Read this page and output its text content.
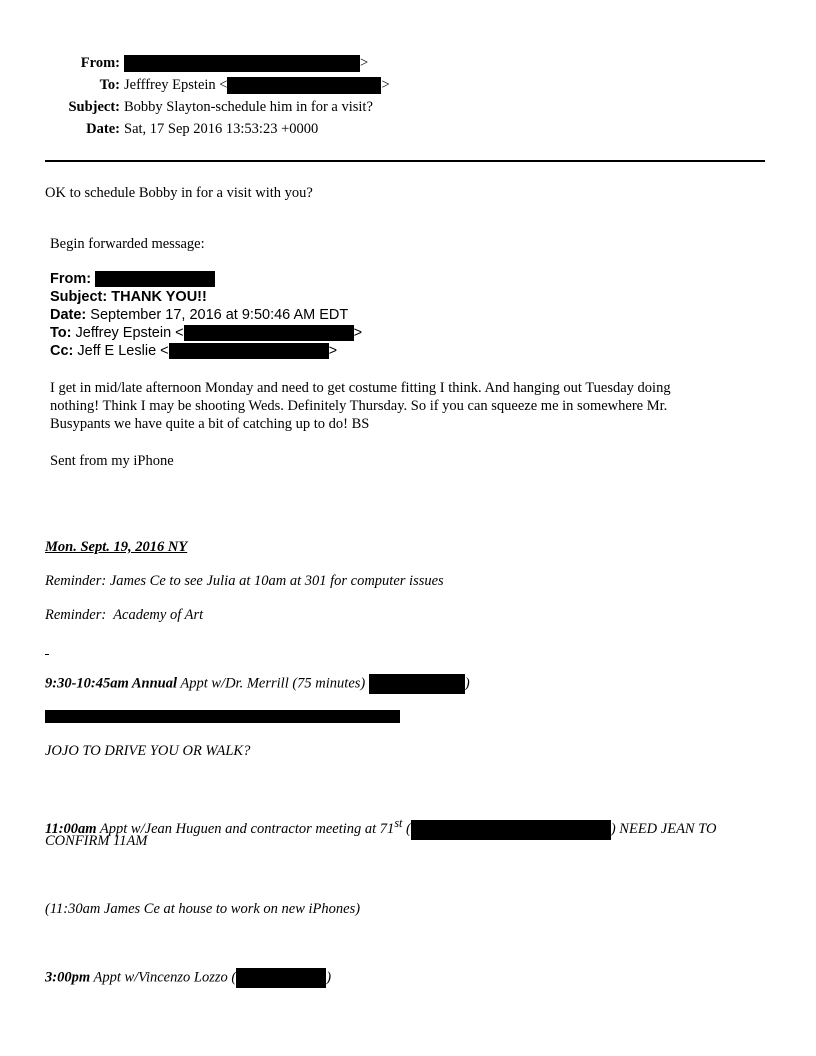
From:	>
To: Jefffrey Epstein <	>
Subject: Bobby Slayton-schedule him in for a visit?
Date: Sat, 17 Sep 2016 13:53:23 +0000
OK to schedule Bobby in for a visit with you?
Begin forwarded message:
From:
Subject: THANK YOU!!
Date: September 17, 2016 at 9:50:46 AM EDT
To: Jeffrey Epstein <	>
Cc: Jeff E Leslie <	>
I get in mid/late afternoon Monday and need to get costume fitting I think. And hanging out Tuesday doing
nothing! Think I may be shooting Weds. Definitely Thursday. So if you can squeeze me in somewhere Mr.
Busypants we have quite a bit of catching up to do! BS
Sent from my iPhone
Mon. Sept. 19, 2016 NY
Reminder: James Ce to see Julia at 10am at 301 for computer issues
Reminder:  Academy of Art
9:30-10:45am Annual Appt w/Dr. Merrill (75 minutes)	)
JOJO TO DRIVE YOU OR WALK?
11:00am Appt w/Jean Huguen and contractor meeting at 71st (	) NEED JEAN TO
CONFIRM 11AM
(11:30am James Ce at house to work on new iPhones)
3:00pm Appt w/Vincenzo Lozzo (	)
